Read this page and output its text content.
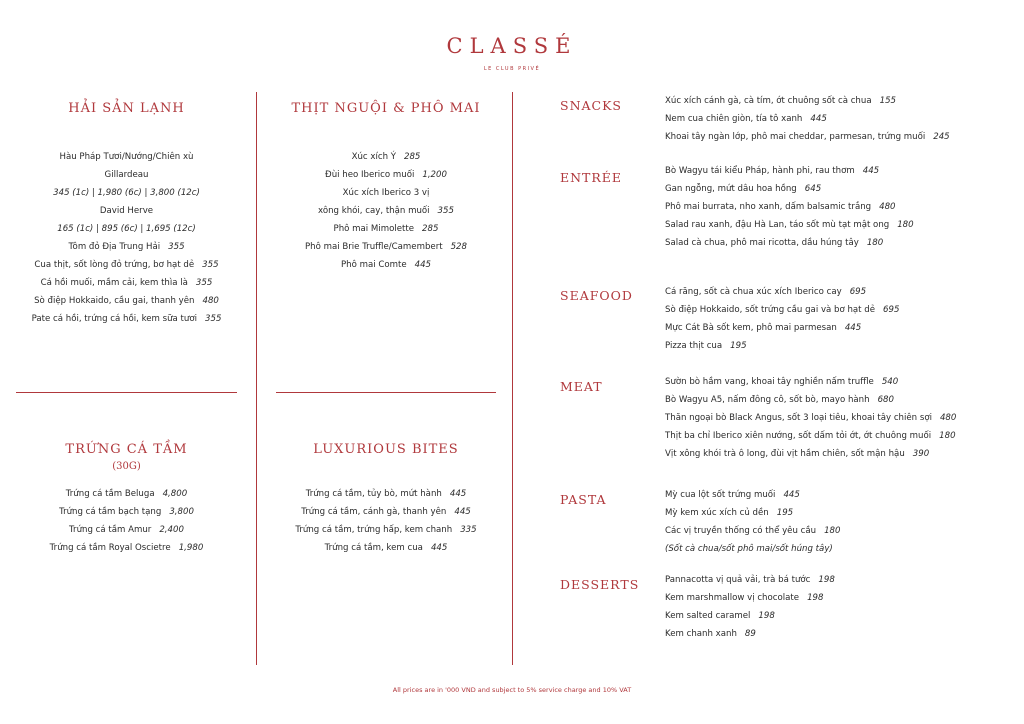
CLASSÉ
LE CLUB PRIVÉ
HẢI SẢN LẠNH
Hàu Pháp Tươi/Nướng/Chiên xù
Gillardeau
345 (1c) | 1,980 (6c) | 3,800 (12c)
David Herve
165 (1c) | 895 (6c) | 1,695 (12c)
Tôm đỏ Địa Trung Hải 355
Cua thịt, sốt lòng đỏ trứng, bơ hạt dẻ 355
Cá hồi muối, mầm cải, kem thìa là 355
Sò điệp Hokkaido, cầu gai, thanh yên 480
Pate cá hồi, trứng cá hồi, kem sữa tươi 355
THỊT NGUỘI & PHÔ MAI
Xúc xích Ý 285
Đùi heo Iberico muối 1,200
Xúc xích Iberico 3 vị
xông khói, cay, thận muối 355
Phô mai Mimolette 285
Phô mai Brie Truffle/Camembert 528
Phô mai Comte 445
TRỨNG CÁ TẦM
(30G)
Trứng cá tầm Beluga 4,800
Trứng cá tầm bạch tạng 3,800
Trứng cá tầm Amur 2,400
Trứng cá tầm Royal Oscietre 1,980
LUXURIOUS BITES
Trứng cá tầm, tủy bò, mứt hành 445
Trứng cá tầm, cánh gà, thanh yên 445
Trứng cá tầm, trứng hấp, kem chanh 335
Trứng cá tầm, kem cua 445
SNACKS	Xúc xích cánh gà, cà tím, ớt chuông sốt cà chua 155
Nem cua chiên giòn, tía tô xanh 445
Khoai tây ngàn lớp, phô mai cheddar, parmesan, trứng muối 245
ENTRÉE	Bò Wagyu tái kiểu Pháp, hành phi, rau thơm 445
Gan ngỗng, mứt dâu hoa hồng 645
Phô mai burrata, nho xanh, dấm balsamic trắng 480
Salad rau xanh, đậu Hà Lan, táo sốt mù tạt mật ong 180
Salad cà chua, phô mai ricotta, dầu húng tây 180
SEAFOOD	Cá răng, sốt cà chua xúc xích Iberico cay 695
Sò điệp Hokkaido, sốt trứng cầu gai và bơ hạt dẻ 695
Mực Cát Bà sốt kem, phô mai parmesan 445
Pizza thịt cua 195
MEAT	Sườn bò hầm vang, khoai tây nghiền nấm truffle 540
Bò Wagyu A5, nấm đông cô, sốt bò, mayo hành 680
Thăn ngoại bò Black Angus, sốt 3 loại tiêu, khoai tây chiên sợi 480
Thịt ba chỉ Iberico xiên nướng, sốt dấm tỏi ớt, ớt chuông muối 180
Vịt xông khói trà ô long, đùi vịt hầm chiên, sốt mận hậu 390
PASTA	Mỳ cua lột sốt trứng muối 445
Mỳ kem xúc xích củ dền 195
Các vị truyền thống có thể yêu cầu 180
(Sốt cà chua/sốt phô mai/sốt húng tây)
DESSERTS	Pannacotta vị quả vải, trà bá tước 198
Kem marshmallow vị chocolate 198
Kem salted caramel 198
Kem chanh xanh 89
All prices are in '000 VND and subject to 5% service charge and 10% VAT
